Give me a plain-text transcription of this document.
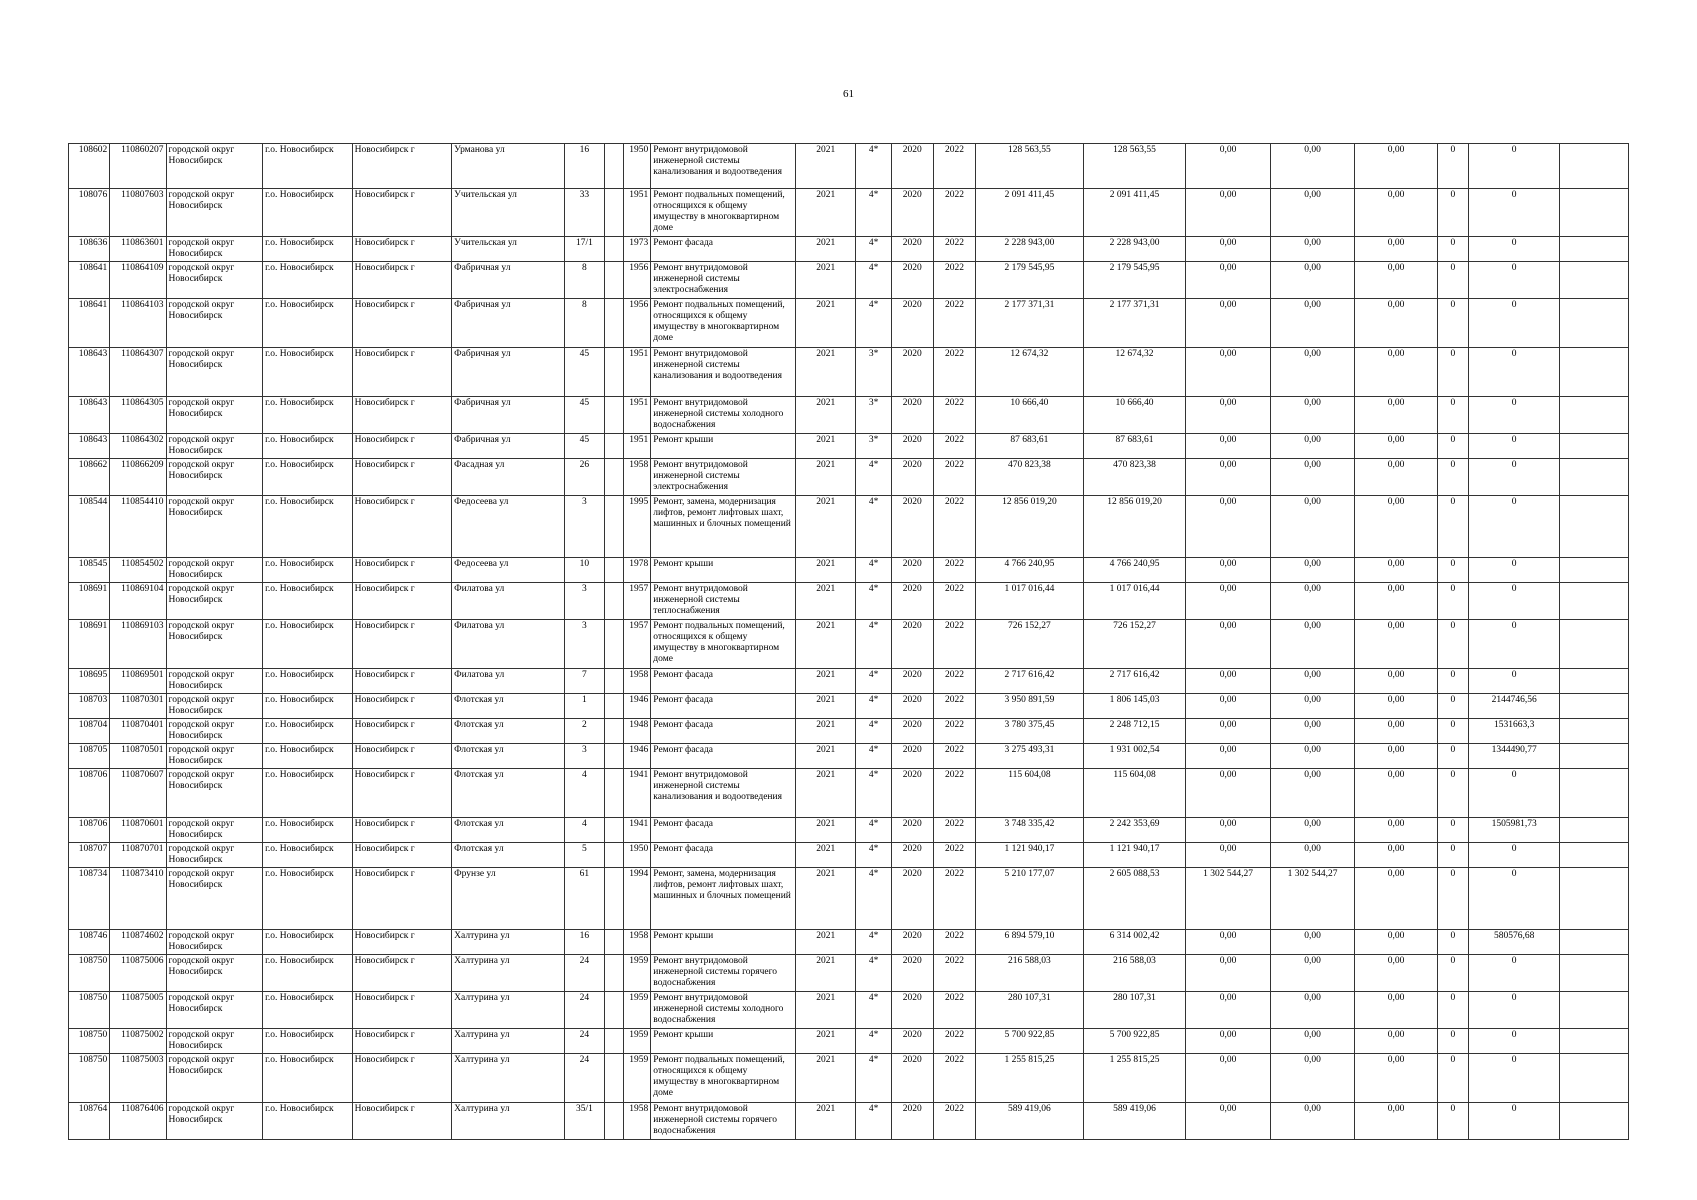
61
108602	110860207	городской округ Новосибирск	г.о. Новосибирск	Новосибирск г	Урманова ул	16		1950	Ремонт внутридомовой инженерной системы канализования и водоотведения	2021	4*	2020	2022	128 563,55	128 563,55	0,00	0,00	0,00	0	0	
108076	110807603	городской округ Новосибирск	г.о. Новосибирск	Новосибирск г	Учительская ул	33		1951	Ремонт подвальных помещений, относящихся к общему имуществу в многоквартирном доме	2021	4*	2020	2022	2 091 411,45	2 091 411,45	0,00	0,00	0,00	0	0	
108636	110863601	городской округ Новосибирск	г.о. Новосибирск	Новосибирск г	Учительская ул	17/1		1973	Ремонт фасада	2021	4*	2020	2022	2 228 943,00	2 228 943,00	0,00	0,00	0,00	0	0	
108641	110864109	городской округ Новосибирск	г.о. Новосибирск	Новосибирск г	Фабричная ул	8		1956	Ремонт внутридомовой инженерной системы электроснабжения	2021	4*	2020	2022	2 179 545,95	2 179 545,95	0,00	0,00	0,00	0	0	
108641	110864103	городской округ Новосибирск	г.о. Новосибирск	Новосибирск г	Фабричная ул	8		1956	Ремонт подвальных помещений, относящихся к общему имуществу в многоквартирном доме	2021	4*	2020	2022	2 177 371,31	2 177 371,31	0,00	0,00	0,00	0	0	
108643	110864307	городской округ Новосибирск	г.о. Новосибирск	Новосибирск г	Фабричная ул	45		1951	Ремонт внутридомовой инженерной системы канализования и водоотведения	2021	3*	2020	2022	12 674,32	12 674,32	0,00	0,00	0,00	0	0	
108643	110864305	городской округ Новосибирск	г.о. Новосибирск	Новосибирск г	Фабричная ул	45		1951	Ремонт внутридомовой инженерной системы холодного водоснабжения	2021	3*	2020	2022	10 666,40	10 666,40	0,00	0,00	0,00	0	0	
108643	110864302	городской округ Новосибирск	г.о. Новосибирск	Новосибирск г	Фабричная ул	45		1951	Ремонт крыши	2021	3*	2020	2022	87 683,61	87 683,61	0,00	0,00	0,00	0	0	
108662	110866209	городской округ Новосибирск	г.о. Новосибирск	Новосибирск г	Фасадная ул	26		1958	Ремонт внутридомовой инженерной системы электроснабжения	2021	4*	2020	2022	470 823,38	470 823,38	0,00	0,00	0,00	0	0	
108544	110854410	городской округ Новосибирск	г.о. Новосибирск	Новосибирск г	Федосеева ул	3		1995	Ремонт, замена, модернизация лифтов, ремонт лифтовых шахт, машинных и блочных помещений	2021	4*	2020	2022	12 856 019,20	12 856 019,20	0,00	0,00	0,00	0	0	
108545	110854502	городской округ Новосибирск	г.о. Новосибирск	Новосибирск г	Федосеева ул	10		1978	Ремонт крыши	2021	4*	2020	2022	4 766 240,95	4 766 240,95	0,00	0,00	0,00	0	0	
108691	110869104	городской округ Новосибирск	г.о. Новосибирск	Новосибирск г	Филатова ул	3		1957	Ремонт внутридомовой инженерной системы теплоснабжения	2021	4*	2020	2022	1 017 016,44	1 017 016,44	0,00	0,00	0,00	0	0	
108691	110869103	городской округ Новосибирск	г.о. Новосибирск	Новосибирск г	Филатова ул	3		1957	Ремонт подвальных помещений, относящихся к общему имуществу в многоквартирном доме	2021	4*	2020	2022	726 152,27	726 152,27	0,00	0,00	0,00	0	0	
108695	110869501	городской округ Новосибирск	г.о. Новосибирск	Новосибирск г	Филатова ул	7		1958	Ремонт фасада	2021	4*	2020	2022	2 717 616,42	2 717 616,42	0,00	0,00	0,00	0	0	
108703	110870301	городской округ Новосибирск	г.о. Новосибирск	Новосибирск г	Флотская ул	1		1946	Ремонт фасада	2021	4*	2020	2022	3 950 891,59	1 806 145,03	0,00	0,00	0,00	0	2144746,56	
108704	110870401	городской округ Новосибирск	г.о. Новосибирск	Новосибирск г	Флотская ул	2		1948	Ремонт фасада	2021	4*	2020	2022	3 780 375,45	2 248 712,15	0,00	0,00	0,00	0	1531663,3	
108705	110870501	городской округ Новосибирск	г.о. Новосибирск	Новосибирск г	Флотская ул	3		1946	Ремонт фасада	2021	4*	2020	2022	3 275 493,31	1 931 002,54	0,00	0,00	0,00	0	1344490,77	
108706	110870607	городской округ Новосибирск	г.о. Новосибирск	Новосибирск г	Флотская ул	4		1941	Ремонт внутридомовой инженерной системы канализования и водоотведения	2021	4*	2020	2022	115 604,08	115 604,08	0,00	0,00	0,00	0	0	
108706	110870601	городской округ Новосибирск	г.о. Новосибирск	Новосибирск г	Флотская ул	4		1941	Ремонт фасада	2021	4*	2020	2022	3 748 335,42	2 242 353,69	0,00	0,00	0,00	0	1505981,73	
108707	110870701	городской округ Новосибирск	г.о. Новосибирск	Новосибирск г	Флотская ул	5		1950	Ремонт фасада	2021	4*	2020	2022	1 121 940,17	1 121 940,17	0,00	0,00	0,00	0	0	
108734	110873410	городской округ Новосибирск	г.о. Новосибирск	Новосибирск г	Фрунзе ул	61		1994	Ремонт, замена, модернизация лифтов, ремонт лифтовых шахт, машинных и блочных помещений	2021	4*	2020	2022	5 210 177,07	2 605 088,53	1 302 544,27	1 302 544,27	0,00	0	0	
108746	110874602	городской округ Новосибирск	г.о. Новосибирск	Новосибирск г	Халтурина ул	16		1958	Ремонт крыши	2021	4*	2020	2022	6 894 579,10	6 314 002,42	0,00	0,00	0,00	0	580576,68	
108750	110875006	городской округ Новосибирск	г.о. Новосибирск	Новосибирск г	Халтурина ул	24		1959	Ремонт внутридомовой инженерной системы горячего водоснабжения	2021	4*	2020	2022	216 588,03	216 588,03	0,00	0,00	0,00	0	0	
108750	110875005	городской округ Новосибирск	г.о. Новосибирск	Новосибирск г	Халтурина ул	24		1959	Ремонт внутридомовой инженерной системы холодного водоснабжения	2021	4*	2020	2022	280 107,31	280 107,31	0,00	0,00	0,00	0	0	
108750	110875002	городской округ Новосибирск	г.о. Новосибирск	Новосибирск г	Халтурина ул	24		1959	Ремонт крыши	2021	4*	2020	2022	5 700 922,85	5 700 922,85	0,00	0,00	0,00	0	0	
108750	110875003	городской округ Новосибирск	г.о. Новосибирск	Новосибирск г	Халтурина ул	24		1959	Ремонт подвальных помещений, относящихся к общему имуществу в многоквартирном доме	2021	4*	2020	2022	1 255 815,25	1 255 815,25	0,00	0,00	0,00	0	0	
108764	110876406	городской округ Новосибирск	г.о. Новосибирск	Новосибирск г	Халтурина ул	35/1		1958	Ремонт внутридомовой инженерной системы горячего водоснабжения	2021	4*	2020	2022	589 419,06	589 419,06	0,00	0,00	0,00	0	0	
